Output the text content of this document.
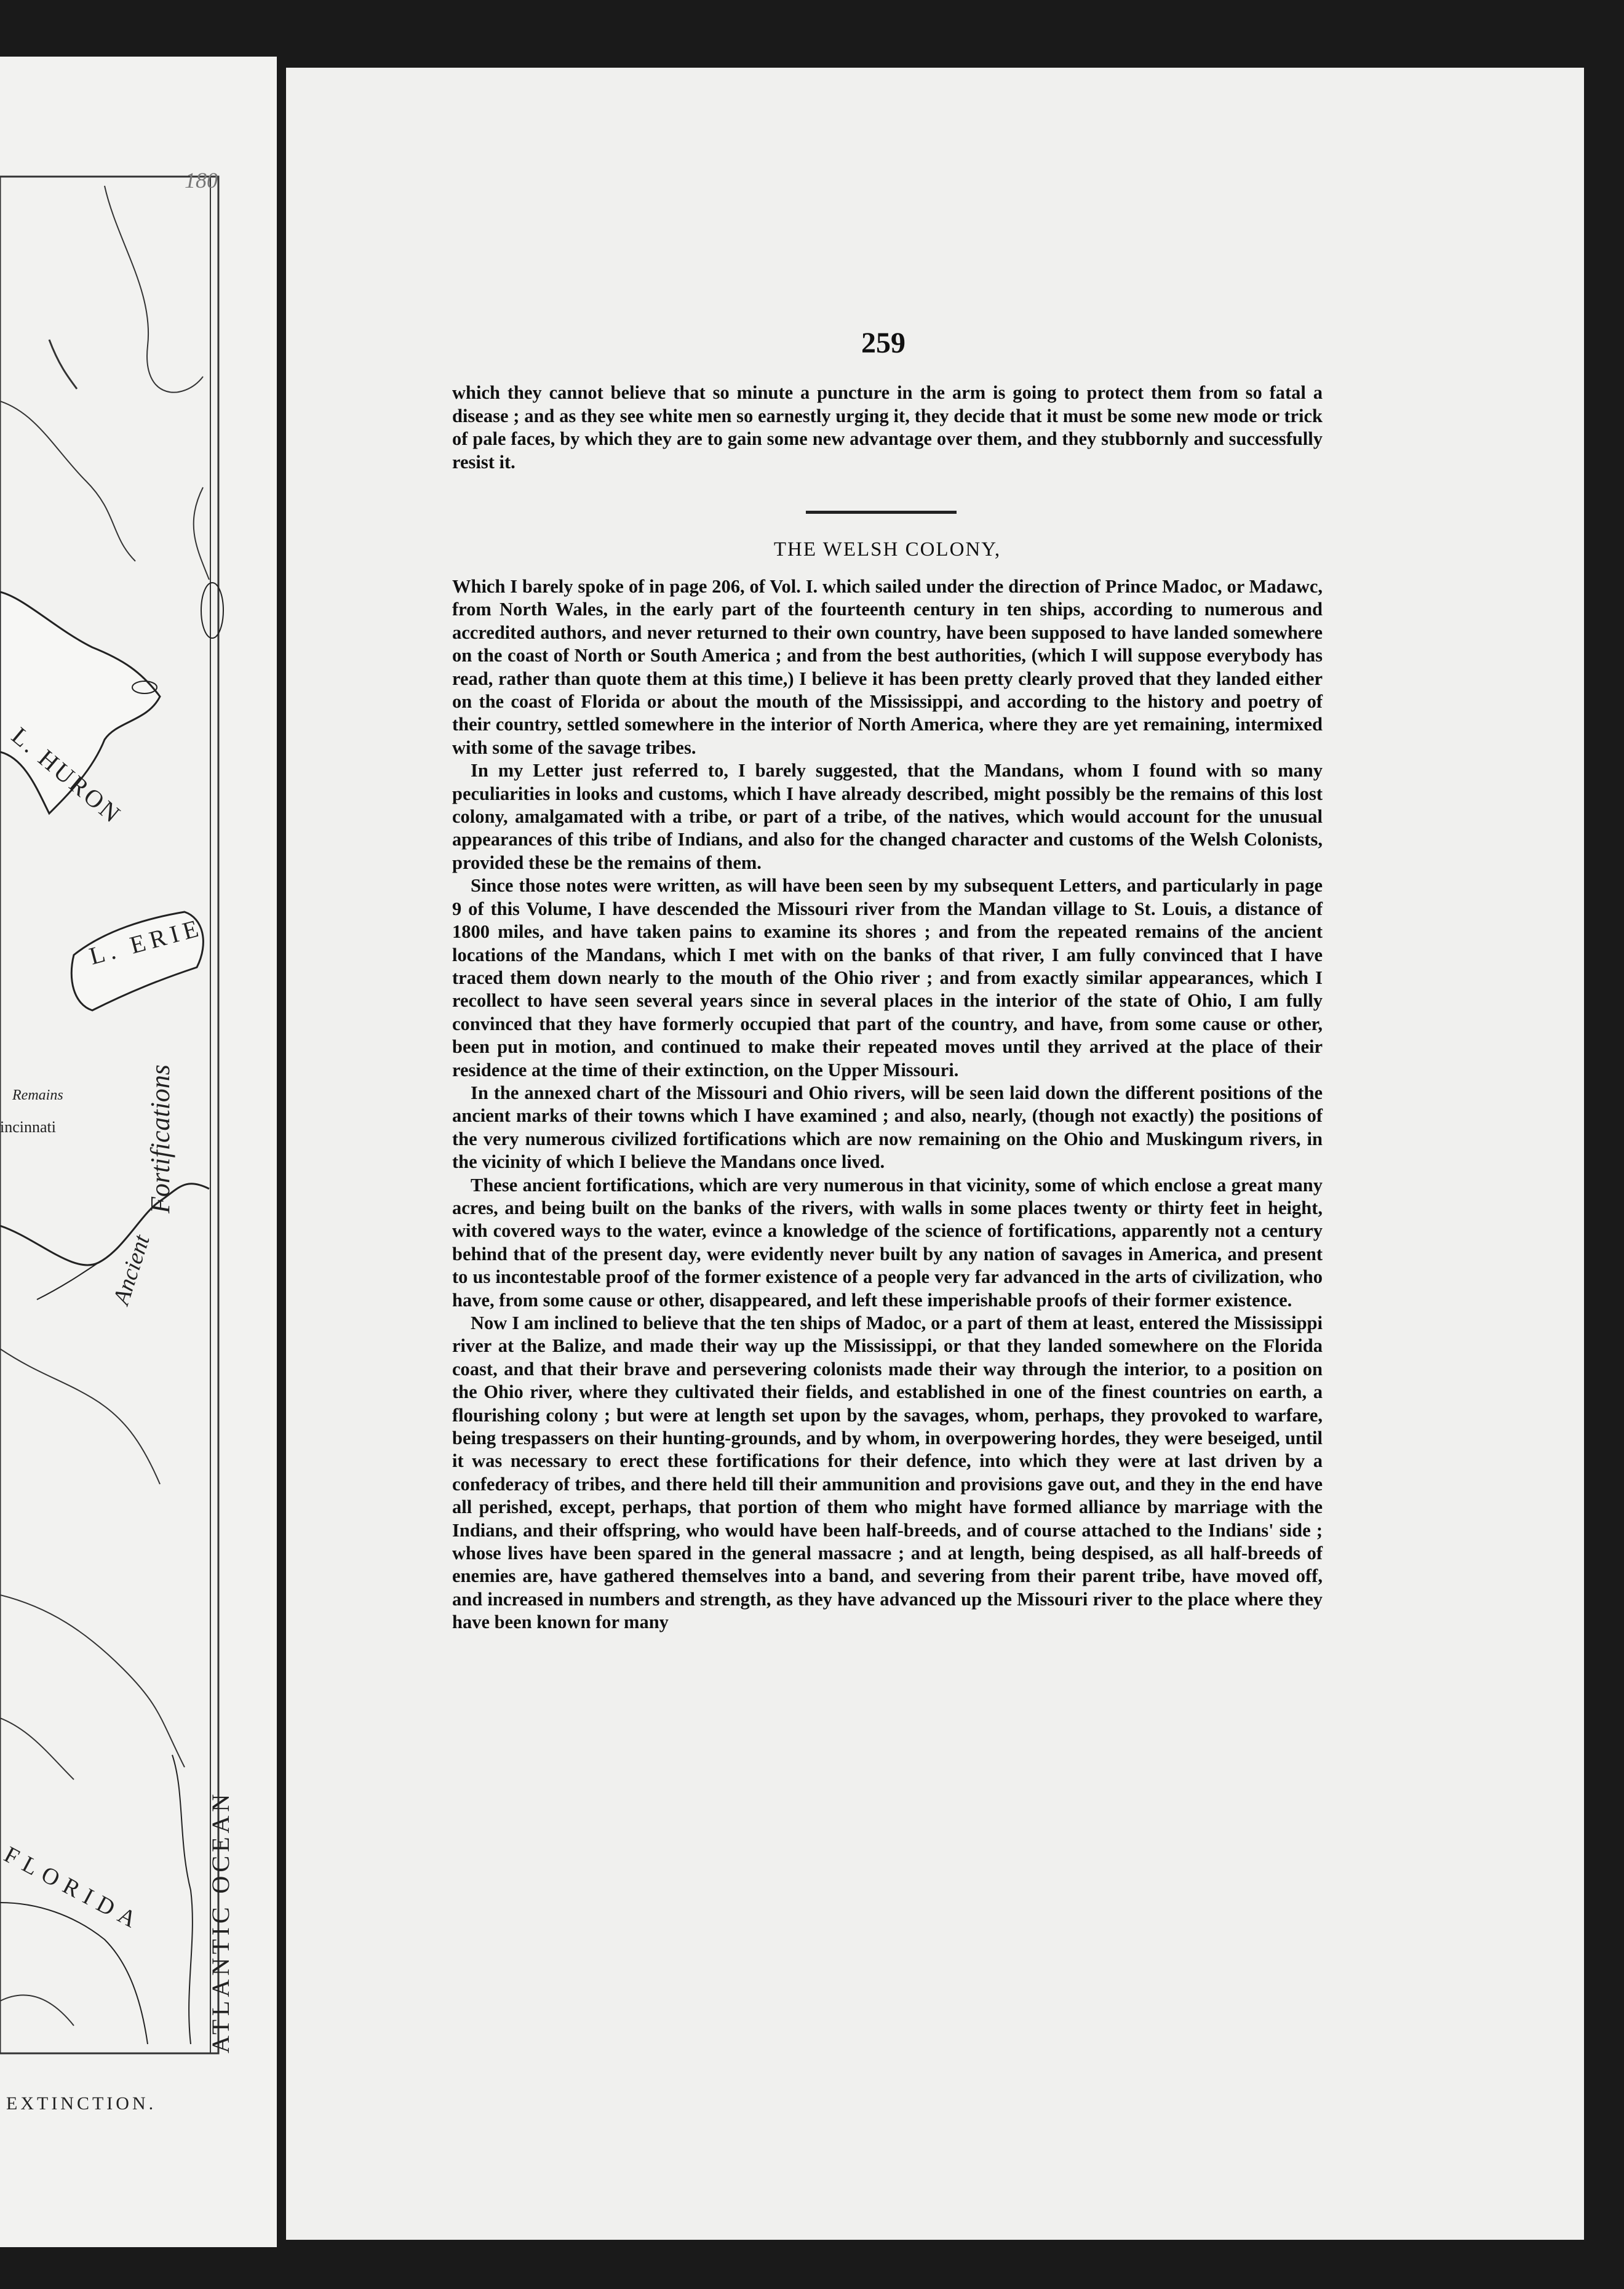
180
L. HURON
L. ERIE
Fortifications
Ancient
Remains
incinnati
FLORIDA ATLANTIC OCEAN
EXTINCTION.
259

which they cannot believe that so minute a puncture in the arm is going to protect them from so fatal a disease ; and as they see white men so earnestly urging it, they decide that it must be some new mode or trick of pale faces, by which they are to gain some new advantage over them, and they stubbornly and successfully resist it.

THE WELSH COLONY,

Which I barely spoke of in page 206, of Vol. I. which sailed under the direction of Prince Madoc, or Madawc, from North Wales, in the early part of the fourteenth century in ten ships, according to numerous and accredited authors, and never returned to their own country, have been supposed to have landed somewhere on the coast of North or South America ; and from the best authorities, (which I will suppose everybody has read, rather than quote them at this time,) I believe it has been pretty clearly proved that they landed either on the coast of Florida or about the mouth of the Mississippi, and according to the history and poetry of their country, settled somewhere in the interior of North America, where they are yet remaining, intermixed with some of the savage tribes.

In my Letter just referred to, I barely suggested, that the Mandans, whom I found with so many peculiarities in looks and customs, which I have already described, might possibly be the remains of this lost colony, amalgamated with a tribe, or part of a tribe, of the natives, which would account for the unusual appearances of this tribe of Indians, and also for the changed character and customs of the Welsh Colonists, provided these be the remains of them.

Since those notes were written, as will have been seen by my subsequent Letters, and particularly in page 9 of this Volume, I have descended the Missouri river from the Mandan village to St. Louis, a distance of 1800 miles, and have taken pains to examine its shores ; and from the repeated remains of the ancient locations of the Mandans, which I met with on the banks of that river, I am fully convinced that I have traced them down nearly to the mouth of the Ohio river ; and from exactly similar appearances, which I recollect to have seen several years since in several places in the interior of the state of Ohio, I am fully convinced that they have formerly occupied that part of the country, and have, from some cause or other, been put in motion, and continued to make their repeated moves until they arrived at the place of their residence at the time of their extinction, on the Upper Missouri.

In the annexed chart of the Missouri and Ohio rivers, will be seen laid down the different positions of the ancient marks of their towns which I have examined ; and also, nearly, (though not exactly) the positions of the very numerous civilized fortifications which are now remaining on the Ohio and Muskingum rivers, in the vicinity of which I believe the Mandans once lived.

These ancient fortifications, which are very numerous in that vicinity, some of which enclose a great many acres, and being built on the banks of the rivers, with walls in some places twenty or thirty feet in height, with covered ways to the water, evince a knowledge of the science of fortifications, apparently not a century behind that of the present day, were evidently never built by any nation of savages in America, and present to us incontestable proof of the former existence of a people very far advanced in the arts of civilization, who have, from some cause or other, disappeared, and left these imperishable proofs of their former existence.

Now I am inclined to believe that the ten ships of Madoc, or a part of them at least, entered the Mississippi river at the Balize, and made their way up the Mississippi, or that they landed somewhere on the Florida coast, and that their brave and persevering colonists made their way through the interior, to a position on the Ohio river, where they cultivated their fields, and established in one of the finest countries on earth, a flourishing colony ; but were at length set upon by the savages, whom, perhaps, they provoked to warfare, being trespassers on their hunting-grounds, and by whom, in overpowering hordes, they were beseiged, until it was necessary to erect these fortifications for their defence, into which they were at last driven by a confederacy of tribes, and there held till their ammunition and provisions gave out, and they in the end have all perished, except, perhaps, that portion of them who might have formed alliance by marriage with the Indians, and their offspring, who would have been half-breeds, and of course attached to the Indians' side ; whose lives have been spared in the general massacre ; and at length, being despised, as all half-breeds of enemies are, have gathered themselves into a band, and severing from their parent tribe, have moved off, and increased in numbers and strength, as they have advanced up the Missouri river to the place where they have been known for many
